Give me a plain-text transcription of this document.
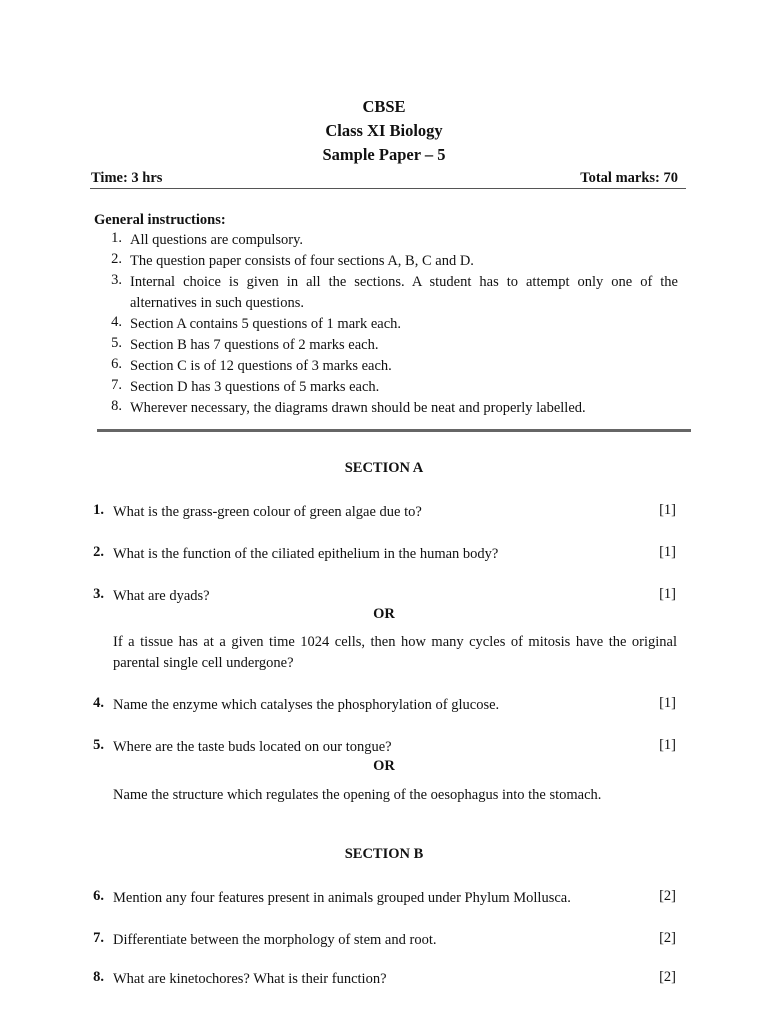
CBSE
Class XI Biology
Sample Paper – 5
Time: 3 hrs	Total marks: 70
General instructions:
1. All questions are compulsory.
2. The question paper consists of four sections A, B, C and D.
3. Internal choice is given in all the sections. A student has to attempt only one of the alternatives in such questions.
4. Section A contains 5 questions of 1 mark each.
5. Section B has 7 questions of 2 marks each.
6. Section C is of 12 questions of 3 marks each.
7. Section D has 3 questions of 5 marks each.
8. Wherever necessary, the diagrams drawn should be neat and properly labelled.
SECTION A
1. What is the grass-green colour of green algae due to?	[1]
2. What is the function of the ciliated epithelium in the human body?	[1]
3. What are dyads?	[1]
OR
If a tissue has at a given time 1024 cells, then how many cycles of mitosis have the original parental single cell undergone?
4. Name the enzyme which catalyses the phosphorylation of glucose.	[1]
5. Where are the taste buds located on our tongue?	[1]
OR
Name the structure which regulates the opening of the oesophagus into the stomach.
SECTION B
6. Mention any four features present in animals grouped under Phylum Mollusca.	[2]
7. Differentiate between the morphology of stem and root.	[2]
8. What are kinetochores? What is their function?	[2]
